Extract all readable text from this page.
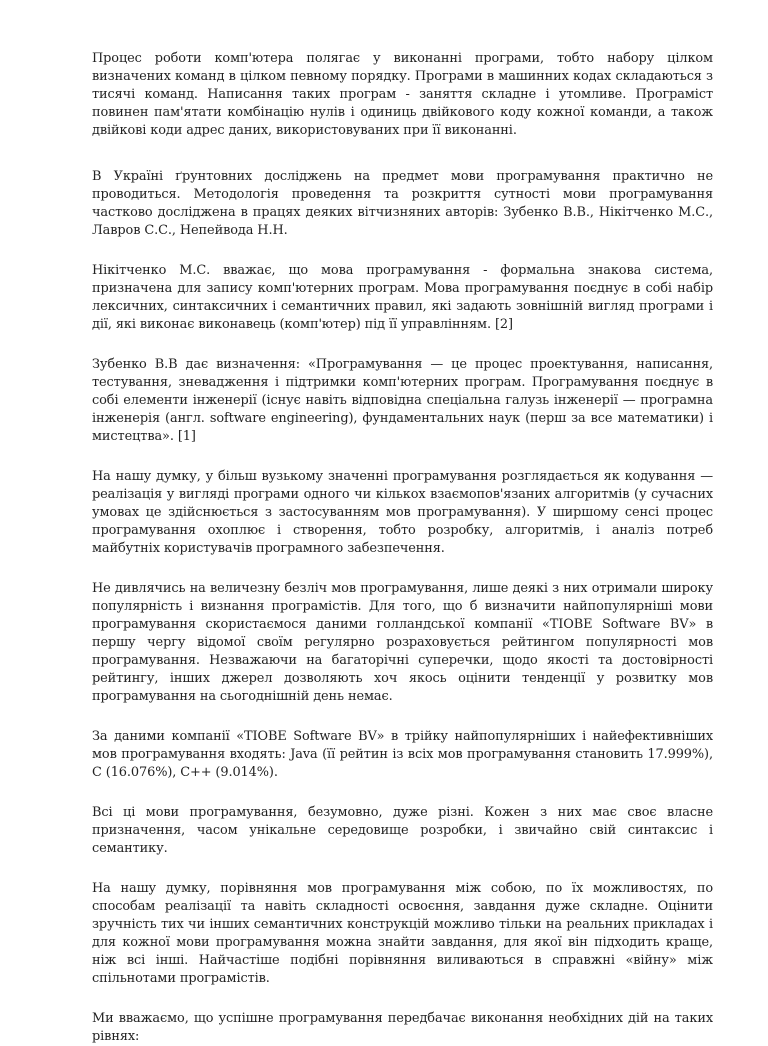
Процес роботи комп'ютера полягає у виконанні програми, тобто набору цілком визначених команд в цілком певному порядку. Програми в машинних кодах складаються з тисячі команд. Написання таких програм - заняття складне і утомливе. Програміст повинен пам'ятати комбінацію нулів і одиниць двійкового коду кожної команди, а також двійкові коди адрес даних, використовуваних при її виконанні.

В Україні ґрунтовних досліджень на предмет мови програмування практично не проводиться. Методологія проведення та розкриття сутності мови програмування частково досліджена в працях деяких вітчизняних авторів: Зубенко В.В., Нікітченко М.С., Лавров С.С., Непейвода Н.Н.

Нікітченко М.С. вважає, що мова програмування - формальна знакова система, призначена для запису комп'ютерних програм. Мова програмування поєднує в собі набір лексичних, синтаксичних і семантичних правил, які задають зовнішній вигляд програми і дії, які виконає виконавець (комп'ютер) під її управлінням. [2]

Зубенко В.В дає визначення: «Програмування — це процес проектування, написання, тестування, зневадження і підтримки комп'ютерних програм. Програмування поєднує в собі елементи інженерії (існує навіть відповідна спеціальна галузь інженерії — програмна інженерія (англ. software engineering), фундаментальних наук (перш за все математики) і мистецтва». [1]

На нашу думку, у більш вузькому значенні програмування розглядається як кодування — реалізація у вигляді програми одного чи кількох взаємопов'язаних алгоритмів (у сучасних умовах це здійснюється з застосуванням мов програмування). У ширшому сенсі процес програмування охоплює і створення, тобто розробку, алгоритмів, і аналіз потреб майбутніх користувачів програмного забезпечення.

Не дивлячись на величезну безліч мов програмування, лише деякі з них отримали широку популярність і визнання програмістів. Для того, що б визначити найпопулярніші мови програмування скористаємося даними голландської компанії «TIOBE Software BV» в першу чергу відомої своїм регулярно розраховується рейтингом популярності мов програмування. Незважаючи на багаторічні суперечки, щодо якості та достовірності рейтингу, інших джерел дозволяють хоч якось оцінити тенденції у розвитку мов програмування на сьогоднішній день немає.

За даними компанії «TIOBE Software BV» в трійку найпопулярніших і найефективніших мов програмування входять: Java (її рейтин із всіх мов програмування становить 17.999%), C (16.076%), C++ (9.014%).

Всі ці мови програмування, безумовно, дуже різні. Кожен з них має своє власне призначення, часом унікальне середовище розробки, і звичайно свій синтаксис і семантику.

На нашу думку, порівняння мов програмування між собою, по їх можливостях, по способам реалізації та навіть складності освоєння, завдання дуже складне. Оцінити зручність тих чи інших семантичних конструкцій можливо тільки на реальних прикладах і для кожної мови програмування можна знайти завдання, для якої він підходить краще, ніж всі інші. Найчастіше подібні порівняння виливаються в справжні «війну» між спільнотами програмістів.

Ми вважаємо, що успішне програмування передбачає виконання необхідних дій на таких рівнях:
